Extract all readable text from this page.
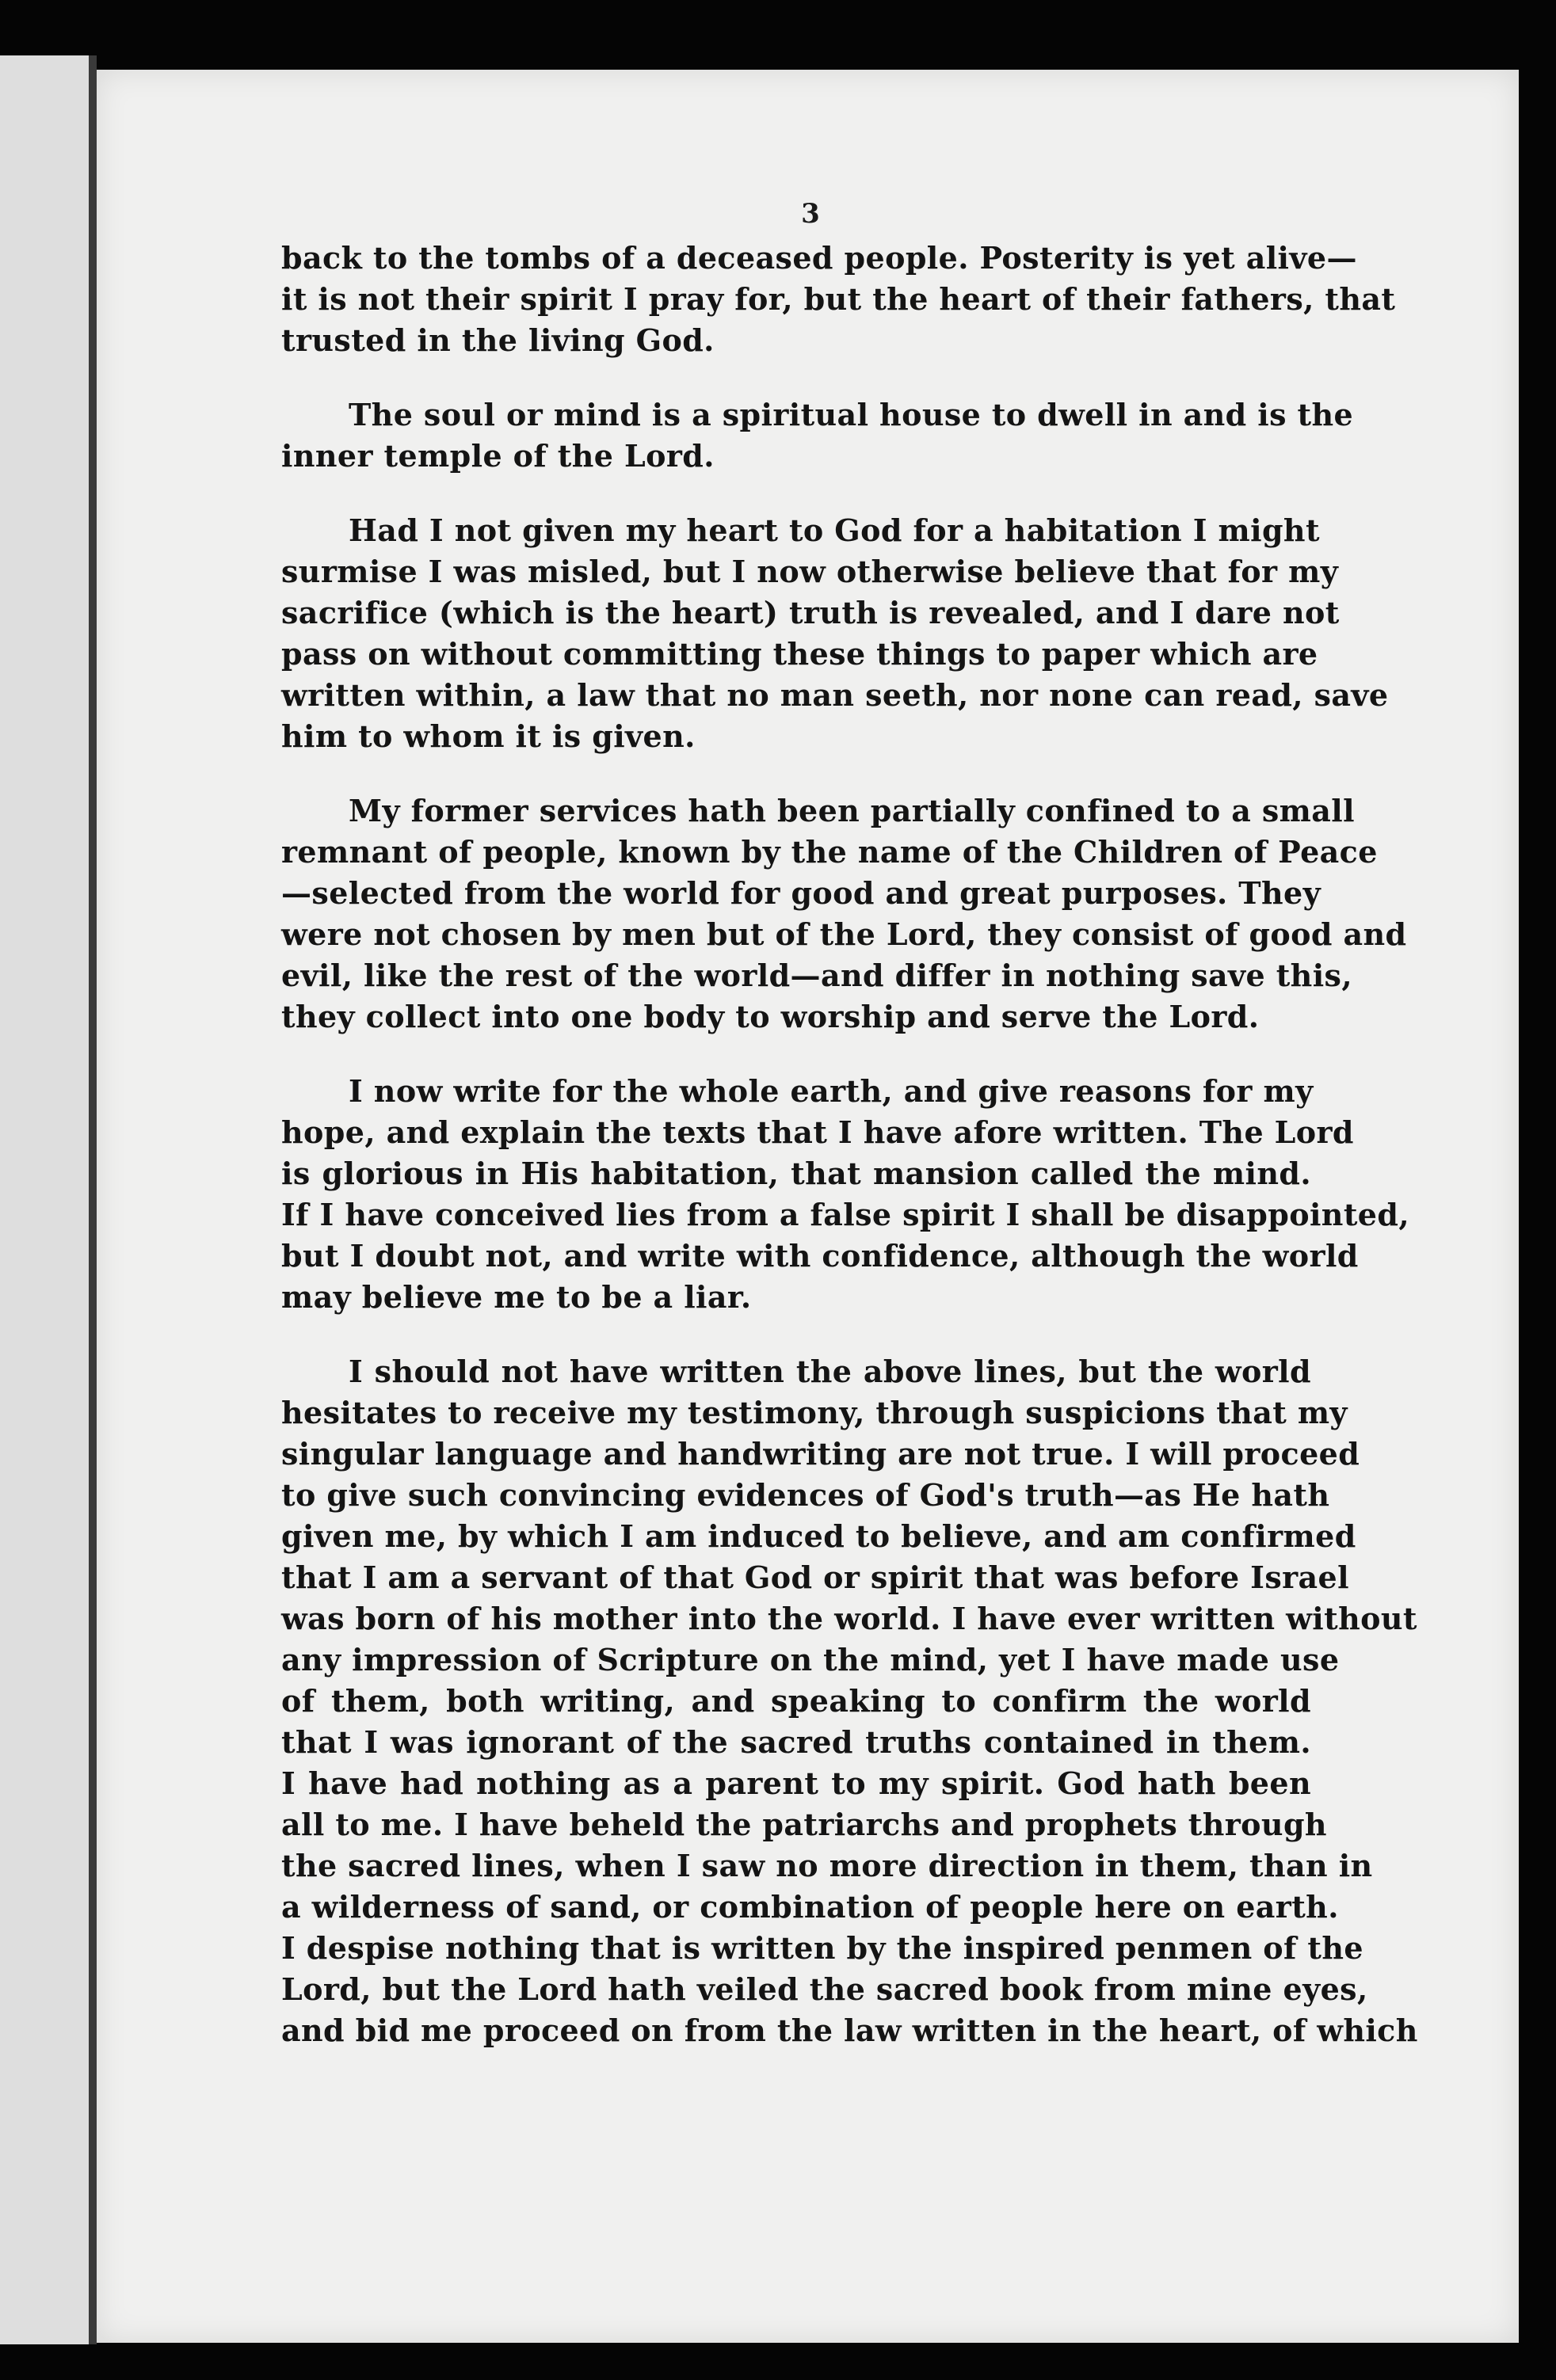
3
back to the tombs of a deceased people. Posterity is yet alive—
it is not their spirit I pray for, but the heart of their fathers, that
trusted in the living God.
The soul or mind is a spiritual house to dwell in and is the
inner temple of the Lord.
Had I not given my heart to God for a habitation I might
surmise I was misled, but I now otherwise believe that for my
sacrifice (which is the heart) truth is revealed, and I dare not
pass on without committing these things to paper which are
written within, a law that no man seeth, nor none can read, save
him to whom it is given.
My former services hath been partially confined to a small
remnant of people, known by the name of the Children of Peace
—selected from the world for good and great purposes. They
were not chosen by men but of the Lord, they consist of good and
evil, like the rest of the world—and differ in nothing save this,
they collect into one body to worship and serve the Lord.
I now write for the whole earth, and give reasons for my
hope, and explain the texts that I have afore written. The Lord
is glorious in His habitation, that mansion called the mind.
If I have conceived lies from a false spirit I shall be disappointed,
but I doubt not, and write with confidence, although the world
may believe me to be a liar.
I should not have written the above lines, but the world
hesitates to receive my testimony, through suspicions that my
singular language and handwriting are not true. I will proceed
to give such convincing evidences of God's truth—as He hath
given me, by which I am induced to believe, and am confirmed
that I am a servant of that God or spirit that was before Israel
was born of his mother into the world. I have ever written without
any impression of Scripture on the mind, yet I have made use
of them, both writing, and speaking to confirm the world
that I was ignorant of the sacred truths contained in them.
I have had nothing as a parent to my spirit. God hath been
all to me. I have beheld the patriarchs and prophets through
the sacred lines, when I saw no more direction in them, than in
a wilderness of sand, or combination of people here on earth.
I despise nothing that is written by the inspired penmen of the
Lord, but the Lord hath veiled the sacred book from mine eyes,
and bid me proceed on from the law written in the heart, of which
